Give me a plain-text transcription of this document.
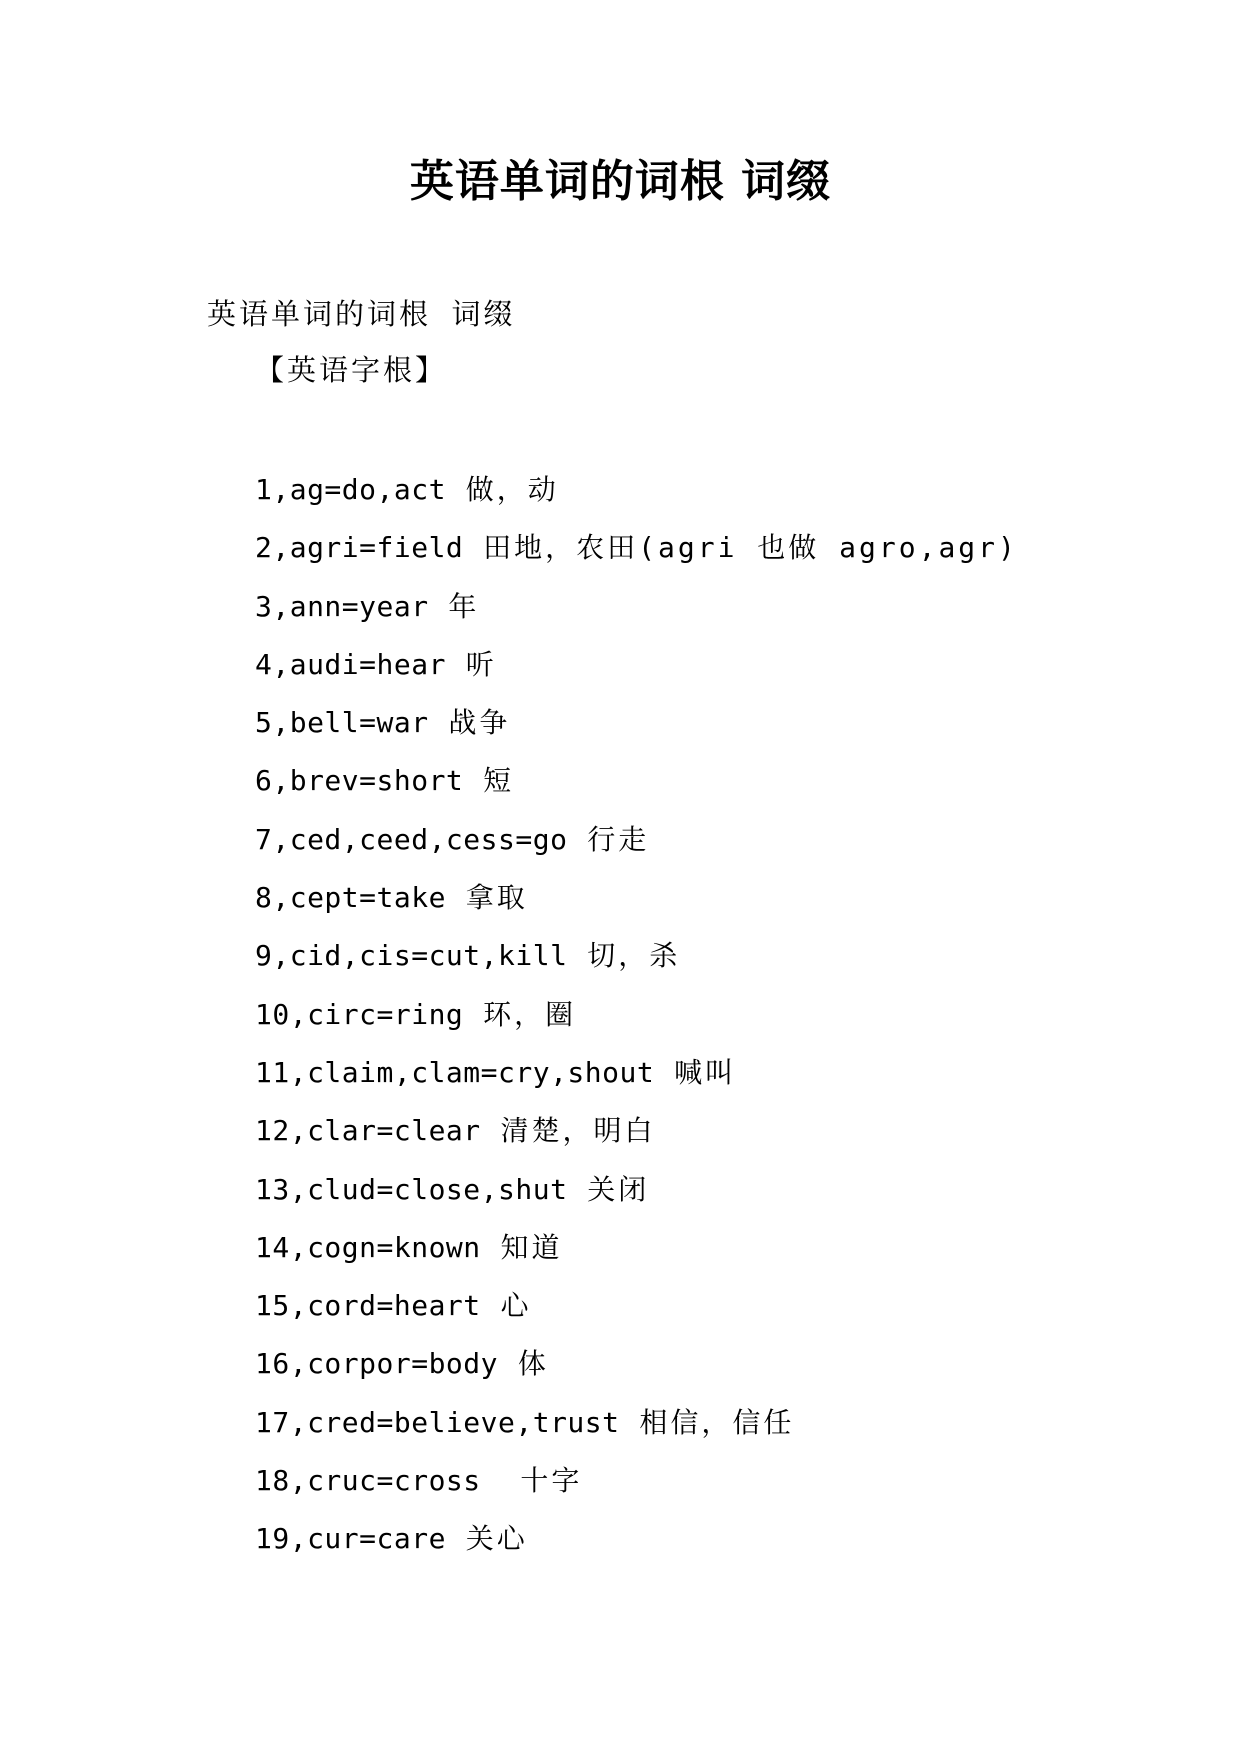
英语单词的词根 词缀

英语单词的词根 词缀

【英语字根】

1,ag=do,act 做，动
2,agri=field 田地，农田(agri 也做 agro,agr)
3,ann=year 年
4,audi=hear 听
5,bell=war 战争
6,brev=short 短
7,ced,ceed,cess=go 行走
8,cept=take 拿取
9,cid,cis=cut,kill 切，杀
10,circ=ring 环，圈
11,claim,clam=cry,shout 喊叫
12,clar=clear 清楚，明白
13,clud=close,shut 关闭
14,cogn=known 知道
15,cord=heart 心
16,corpor=body 体
17,cred=believe,trust 相信，信任
18,cruc=cross  十字
19,cur=care 关心
